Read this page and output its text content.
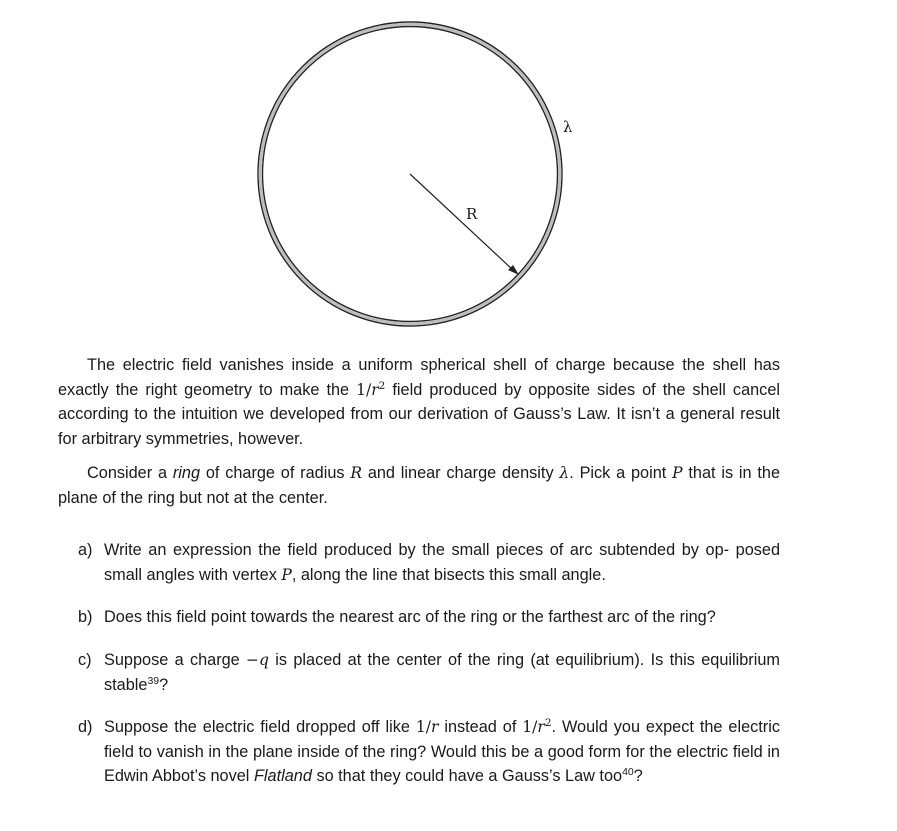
R
λ

The electric field vanishes inside a uniform spherical shell of charge because the shell has exactly the right geometry to make the $1/r^2$ field produced by opposite sides of the shell cancel according to the intuition we developed from our derivation of Gauss’s Law. It isn’t a general result for arbitrary symmetries, however.

Consider a ring of charge of radius R and linear charge density λ. Pick a point P that is in the plane of the ring but not at the center.

a) Write an expression the field produced by the small pieces of arc subtended by op- posed small angles with vertex P, along the line that bisects this small angle.
b) Does this field point towards the nearest arc of the ring or the farthest arc of the ring?
c) Suppose a charge −q is placed at the center of the ring (at equilibrium). Is this equilibrium stable$^{39}$?
d) Suppose the electric field dropped off like 1/r instead of $1/r^2$. Would you expect the electric field to vanish in the plane inside of the ring? Would this be a good form for the electric field in Edwin Abbot’s novel Flatland so that they could have a Gauss’s Law too$^{40}$?
